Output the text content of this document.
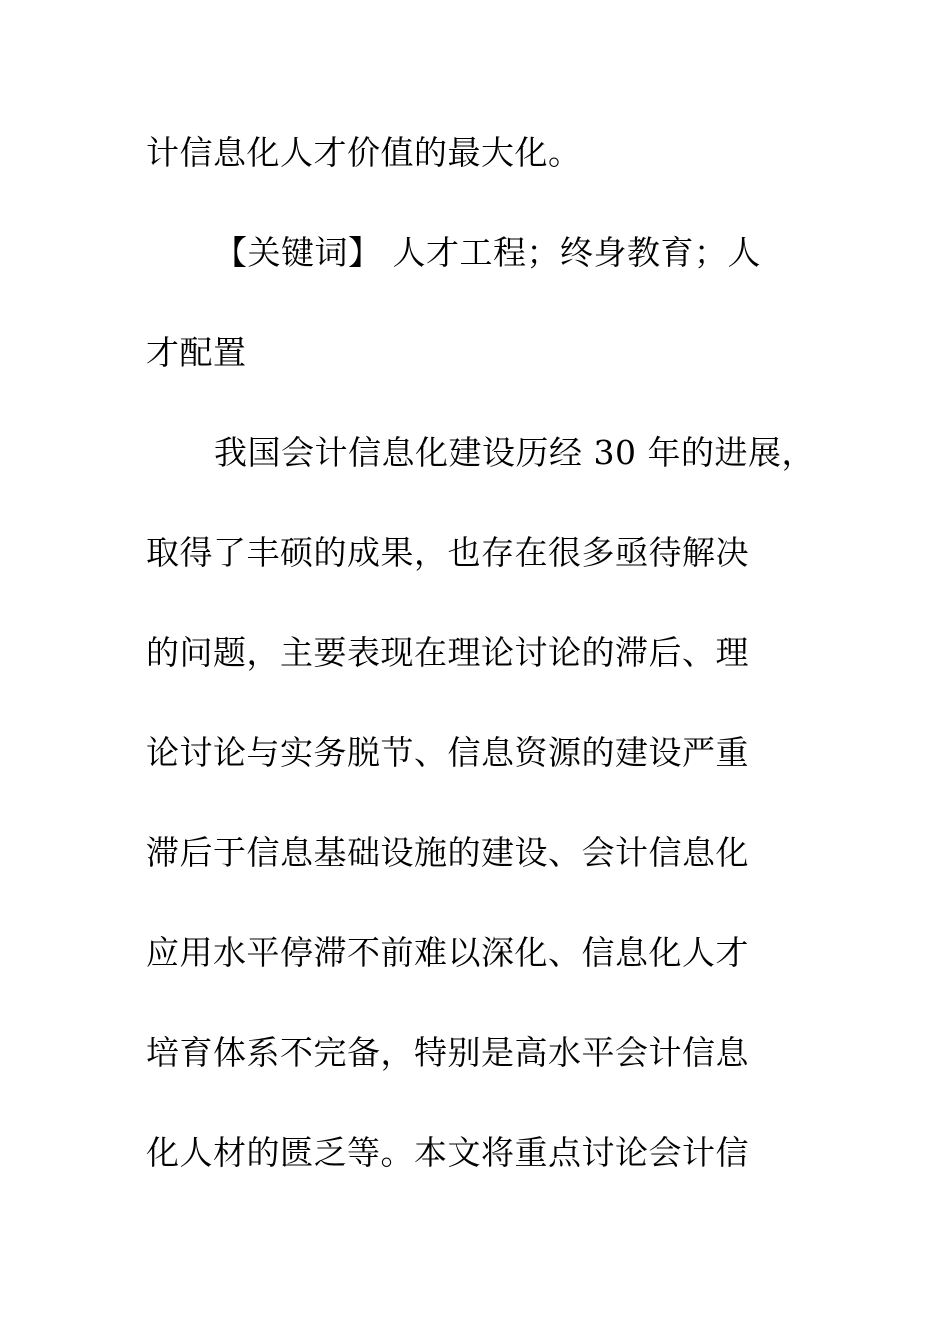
计信息化人才价值的最大化。
【关键词】 人才工程；终身教育；人
才配置
我国会计信息化建设历经 30 年的进展，
取得了丰硕的成果，也存在很多亟待解决
的问题，主要表现在理论讨论的滞后、理
论讨论与实务脱节、信息资源的建设严重
滞后于信息基础设施的建设、会计信息化
应用水平停滞不前难以深化、信息化人才
培育体系不完备，特别是高水平会计信息
化人材的匮乏等。本文将重点讨论会计信
